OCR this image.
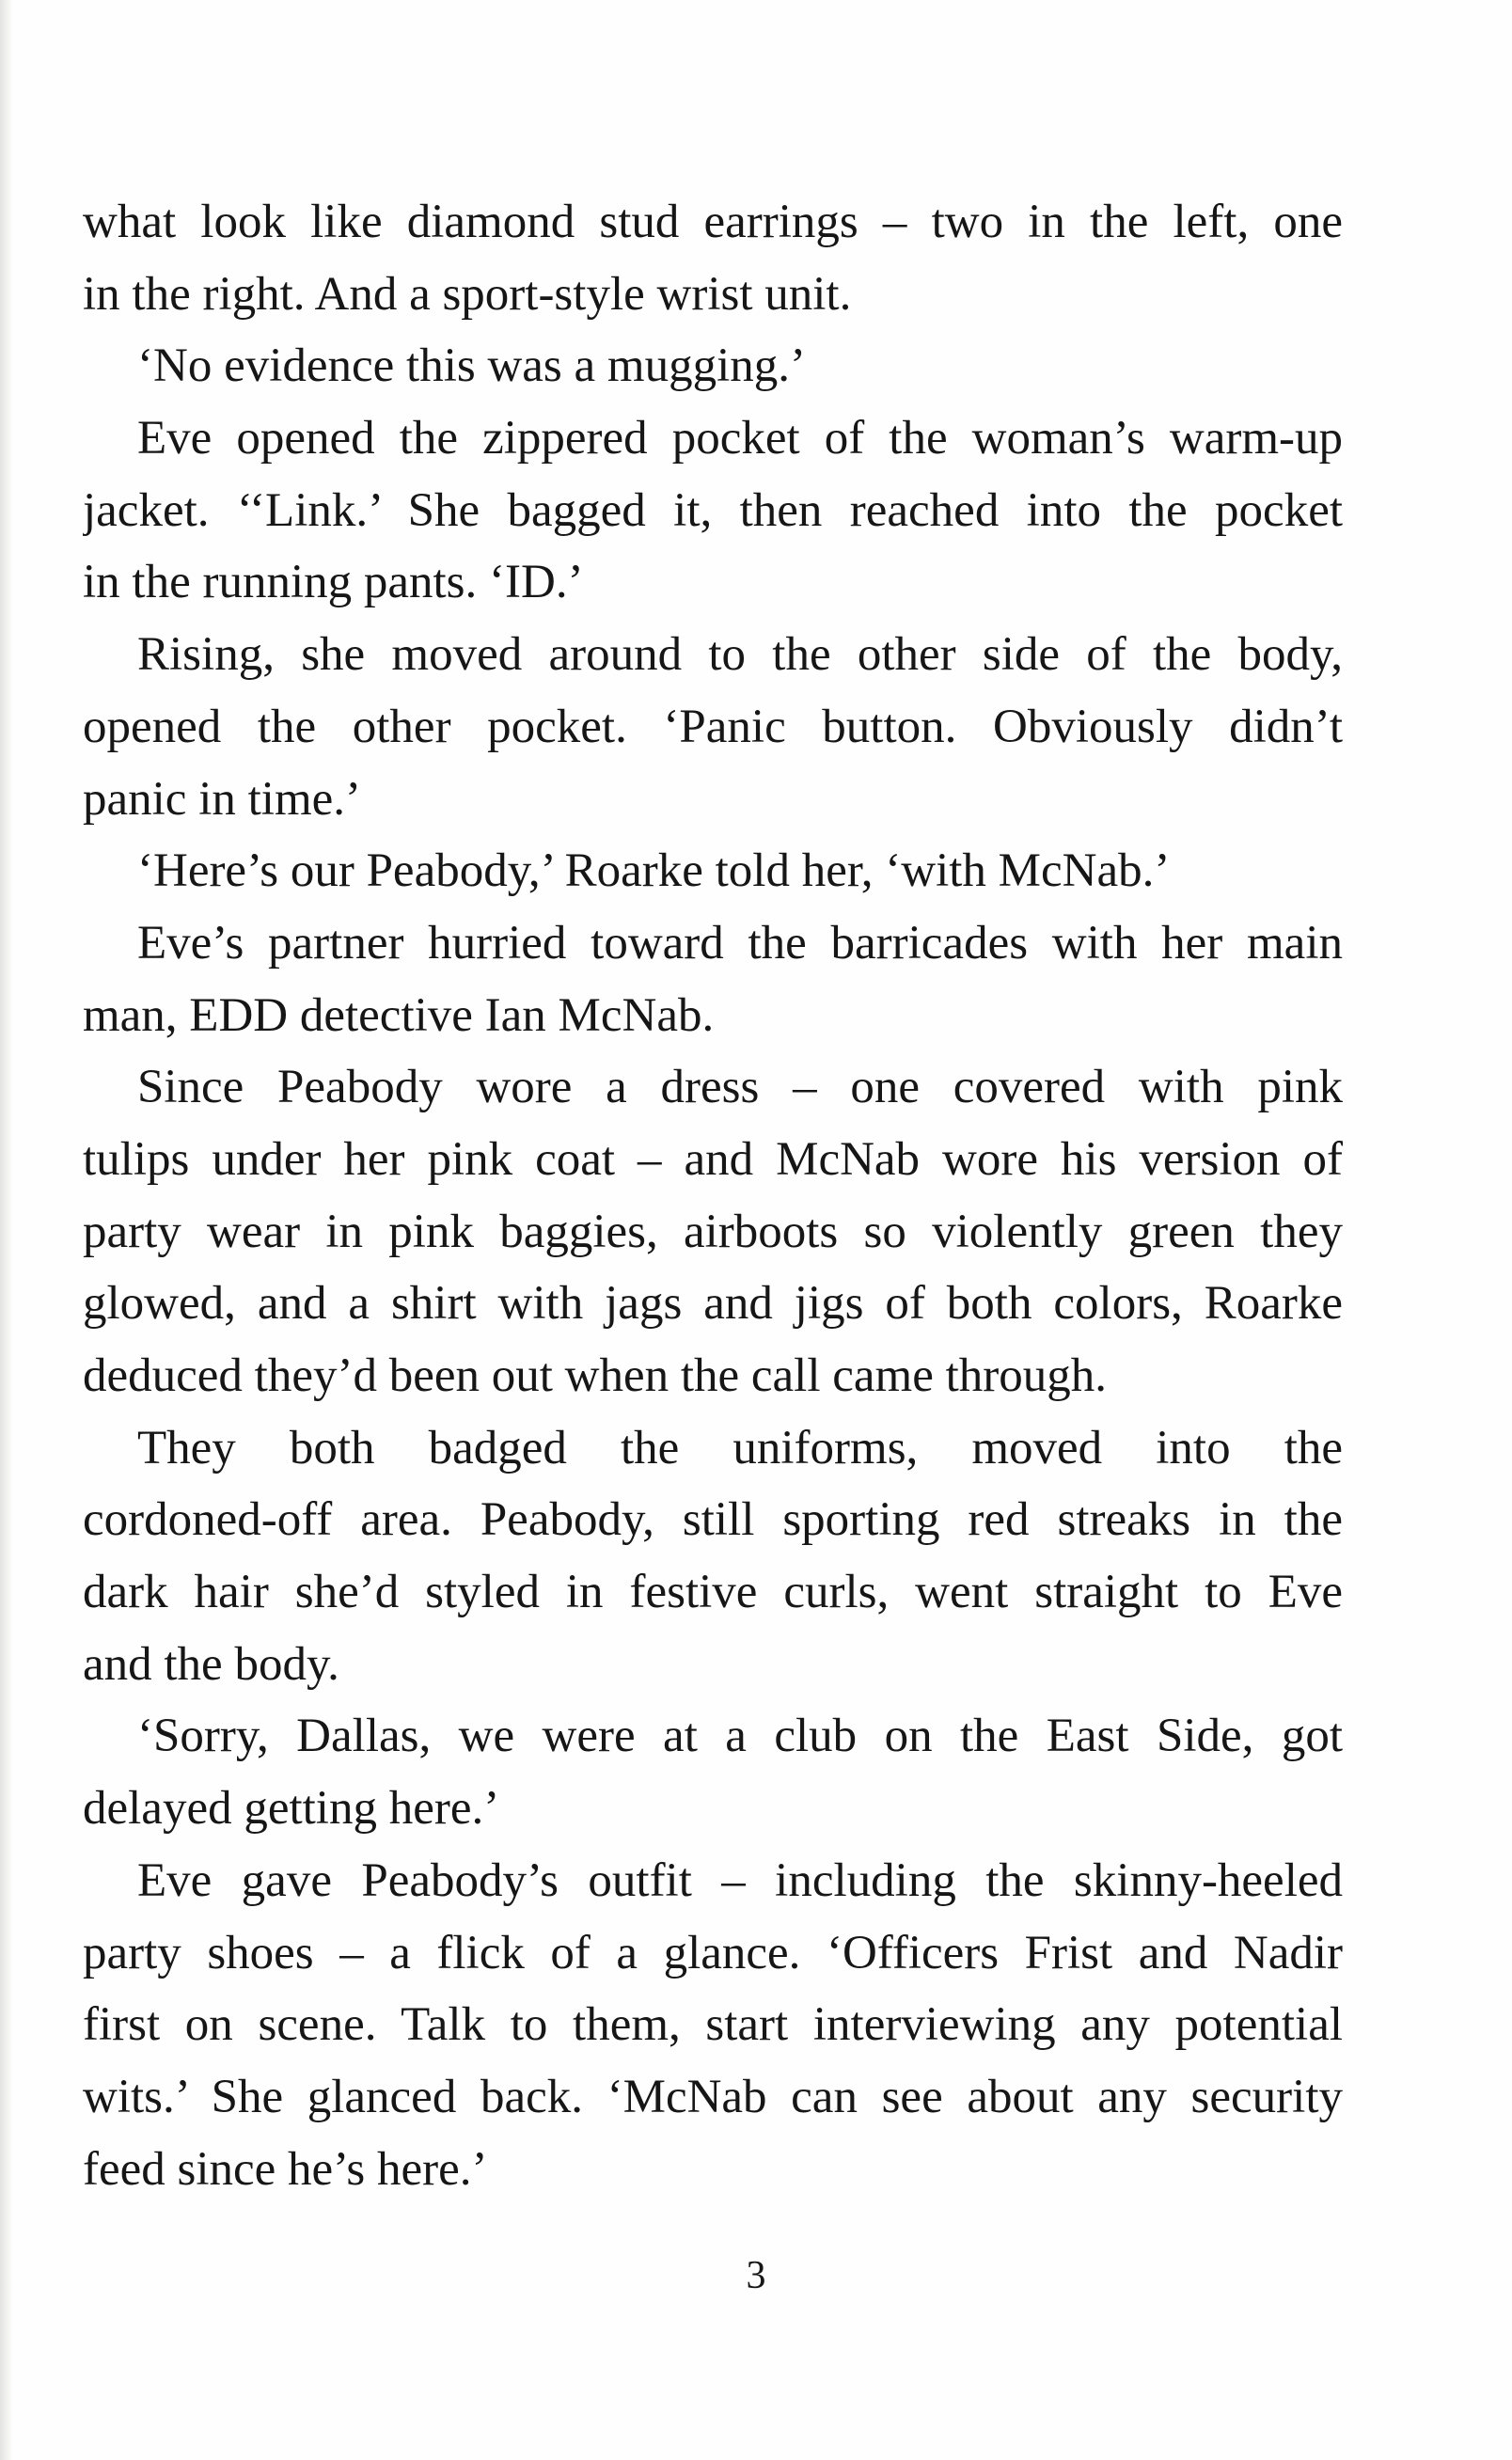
what look like diamond stud earrings – two in the left, one
in the right. And a sport-style wrist unit.
‘No evidence this was a mugging.’
Eve opened the zippered pocket of the woman’s warm-up
jacket. ‘‘Link.’ She bagged it, then reached into the pocket
in the running pants. ‘ID.’
Rising, she moved around to the other side of the body,
opened the other pocket. ‘Panic button. Obviously didn’t
panic in time.’
‘Here’s our Peabody,’ Roarke told her, ‘with McNab.’
Eve’s partner hurried toward the barricades with her main
man, EDD detective Ian McNab.
Since Peabody wore a dress – one covered with pink
tulips under her pink coat – and McNab wore his version of
party wear in pink baggies, airboots so violently green they
glowed, and a shirt with jags and jigs of both colors, Roarke
deduced they’d been out when the call came through.
They both badged the uniforms, moved into the
cordoned-off area. Peabody, still sporting red streaks in the
dark hair she’d styled in festive curls, went straight to Eve
and the body.
‘Sorry, Dallas, we were at a club on the East Side, got
delayed getting here.’
Eve gave Peabody’s outfit – including the skinny-heeled
party shoes – a flick of a glance. ‘Officers Frist and Nadir
first on scene. Talk to them, start interviewing any potential
wits.’ She glanced back. ‘McNab can see about any security
feed since he’s here.’
3
